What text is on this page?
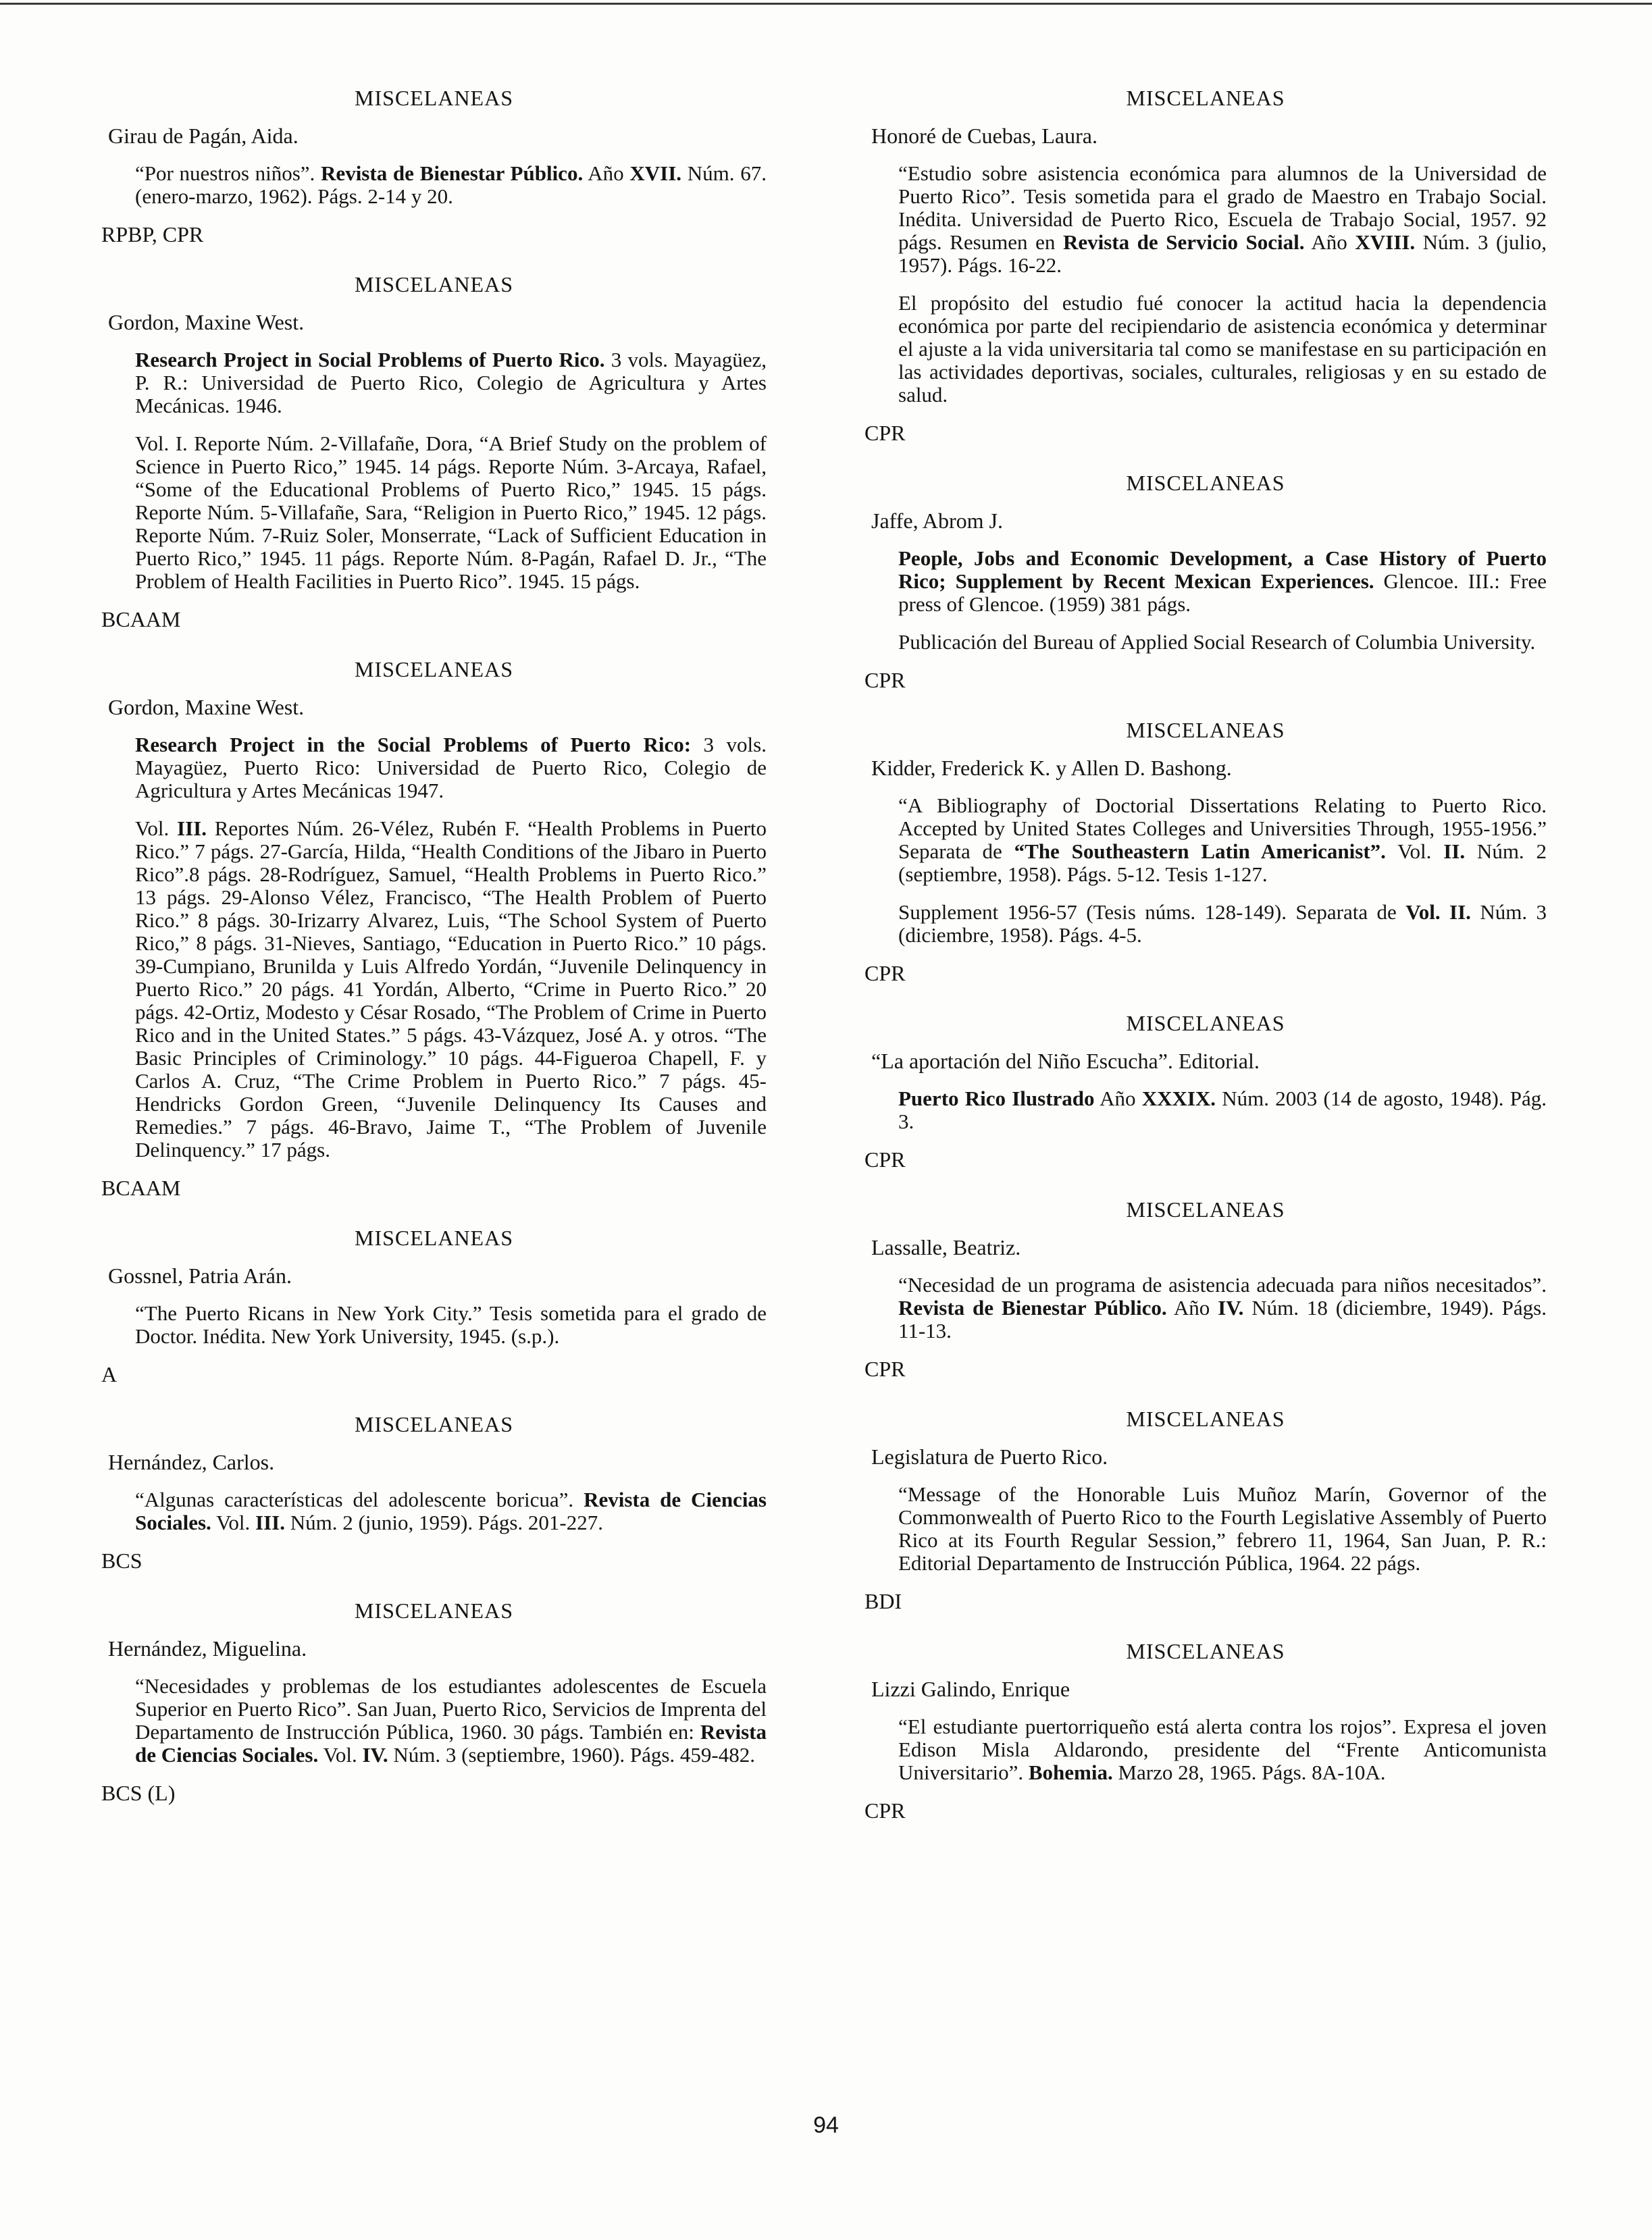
MISCELANEAS
Girau de Pagán, Aida.
“Por nuestros niños”. Revista de Bienestar Público. Año XVII. Núm. 67. (enero-marzo, 1962). Págs. 2-14 y 20.
RPBP, CPR
MISCELANEAS
Gordon, Maxine West.
Research Project in Social Problems of Puerto Rico. 3 vols. Mayagüez, P. R.: Universidad de Puerto Rico, Colegio de Agricultura y Artes Mecánicas. 1946.
Vol. I. Reporte Núm. 2-Villafañe, Dora, “A Brief Study on the problem of Science in Puerto Rico,” 1945. 14 págs. Reporte Núm. 3-Arcaya, Rafael, “Some of the Educational Problems of Puerto Rico,” 1945. 15 págs. Reporte Núm. 5-Villafañe, Sara, “Religion in Puerto Rico,” 1945. 12 págs. Reporte Núm. 7-Ruiz Soler, Monserrate, “Lack of Sufficient Education in Puerto Rico,” 1945. 11 págs. Reporte Núm. 8-Pagán, Rafael D. Jr., “The Problem of Health Facilities in Puerto Rico”. 1945. 15 págs.
BCAAM
MISCELANEAS
Gordon, Maxine West.
Research Project in the Social Problems of Puerto Rico: 3 vols. Mayagüez, Puerto Rico: Universidad de Puerto Rico, Colegio de Agricultura y Artes Mecánicas 1947.
Vol. III. Reportes Núm. 26-Vélez, Rubén F. “Health Problems in Puerto Rico.” 7 págs. 27-García, Hilda, “Health Conditions of the Jibaro in Puerto Rico”.8 págs. 28-Rodríguez, Samuel, “Health Problems in Puerto Rico.” 13 págs. 29-Alonso Vélez, Francisco, “The Health Problem of Puerto Rico.” 8 págs. 30-Irizarry Alvarez, Luis, “The School System of Puerto Rico,” 8 págs. 31-Nieves, Santiago, “Education in Puerto Rico.” 10 págs. 39-Cumpiano, Brunilda y Luis Alfredo Yordán, “Juvenile Delinquency in Puerto Rico.” 20 págs. 41 Yordán, Alberto, “Crime in Puerto Rico.” 20 págs. 42-Ortiz, Modesto y César Rosado, “The Problem of Crime in Puerto Rico and in the United States.” 5 págs. 43-Vázquez, José A. y otros. “The Basic Principles of Criminology.” 10 págs. 44-Figueroa Chapell, F. y Carlos A. Cruz, “The Crime Problem in Puerto Rico.” 7 págs. 45-Hendricks Gordon Green, “Juvenile Delinquency Its Causes and Remedies.” 7 págs. 46-Bravo, Jaime T., “The Problem of Juvenile Delinquency.” 17 págs.
BCAAM
MISCELANEAS
Gossnel, Patria Arán.
“The Puerto Ricans in New York City.” Tesis sometida para el grado de Doctor. Inédita. New York University, 1945. (s.p.).
A
MISCELANEAS
Hernández, Carlos.
“Algunas características del adolescente boricua”. Revista de Ciencias Sociales. Vol. III. Núm. 2 (junio, 1959). Págs. 201-227.
BCS
MISCELANEAS
Hernández, Miguelina.
“Necesidades y problemas de los estudiantes adolescentes de Escuela Superior en Puerto Rico”. San Juan, Puerto Rico, Servicios de Imprenta del Departamento de Instrucción Pública, 1960. 30 págs. También en: Revista de Ciencias Sociales. Vol. IV. Núm. 3 (septiembre, 1960). Págs. 459-482.
BCS (L)
MISCELANEAS
Honoré de Cuebas, Laura.
“Estudio sobre asistencia económica para alumnos de la Universidad de Puerto Rico”. Tesis sometida para el grado de Maestro en Trabajo Social. Inédita. Universidad de Puerto Rico, Escuela de Trabajo Social, 1957. 92 págs. Resumen en Revista de Servicio Social. Año XVIII. Núm. 3 (julio, 1957). Págs. 16-22.
El propósito del estudio fué conocer la actitud hacia la dependencia económica por parte del recipiendario de asistencia económica y determinar el ajuste a la vida universitaria tal como se manifestase en su participación en las actividades deportivas, sociales, culturales, religiosas y en su estado de salud.
CPR
MISCELANEAS
Jaffe, Abrom J.
People, Jobs and Economic Development, a Case History of Puerto Rico; Supplement by Recent Mexican Experiences. Glencoe. III.: Free press of Glencoe. (1959) 381 págs.
Publicación del Bureau of Applied Social Research of Columbia University.
CPR
MISCELANEAS
Kidder, Frederick K. y Allen D. Bashong.
“A Bibliography of Doctorial Dissertations Relating to Puerto Rico. Accepted by United States Colleges and Universities Through, 1955-1956.” Separata de “The Southeastern Latin Americanist”. Vol. II. Núm. 2 (septiembre, 1958). Págs. 5-12. Tesis 1-127.
Supplement 1956-57 (Tesis núms. 128-149). Separata de Vol. II. Núm. 3 (diciembre, 1958). Págs. 4-5.
CPR
MISCELANEAS
“La aportación del Niño Escucha”. Editorial.
Puerto Rico Ilustrado Año XXXIX. Núm. 2003 (14 de agosto, 1948). Pág. 3.
CPR
MISCELANEAS
Lassalle, Beatriz.
“Necesidad de un programa de asistencia adecuada para niños necesitados”. Revista de Bienestar Público. Año IV. Núm. 18 (diciembre, 1949). Págs. 11-13.
CPR
MISCELANEAS
Legislatura de Puerto Rico.
“Message of the Honorable Luis Muñoz Marín, Governor of the Commonwealth of Puerto Rico to the Fourth Legislative Assembly of Puerto Rico at its Fourth Regular Session,” febrero 11, 1964, San Juan, P. R.: Editorial Departamento de Instrucción Pública, 1964. 22 págs.
BDI
MISCELANEAS
Lizzi Galindo, Enrique
“El estudiante puertorriqueño está alerta contra los rojos”. Expresa el joven Edison Misla Aldarondo, presidente del “Frente Anticomunista Universitario”. Bohemia. Marzo 28, 1965. Págs. 8A-10A.
CPR
94
